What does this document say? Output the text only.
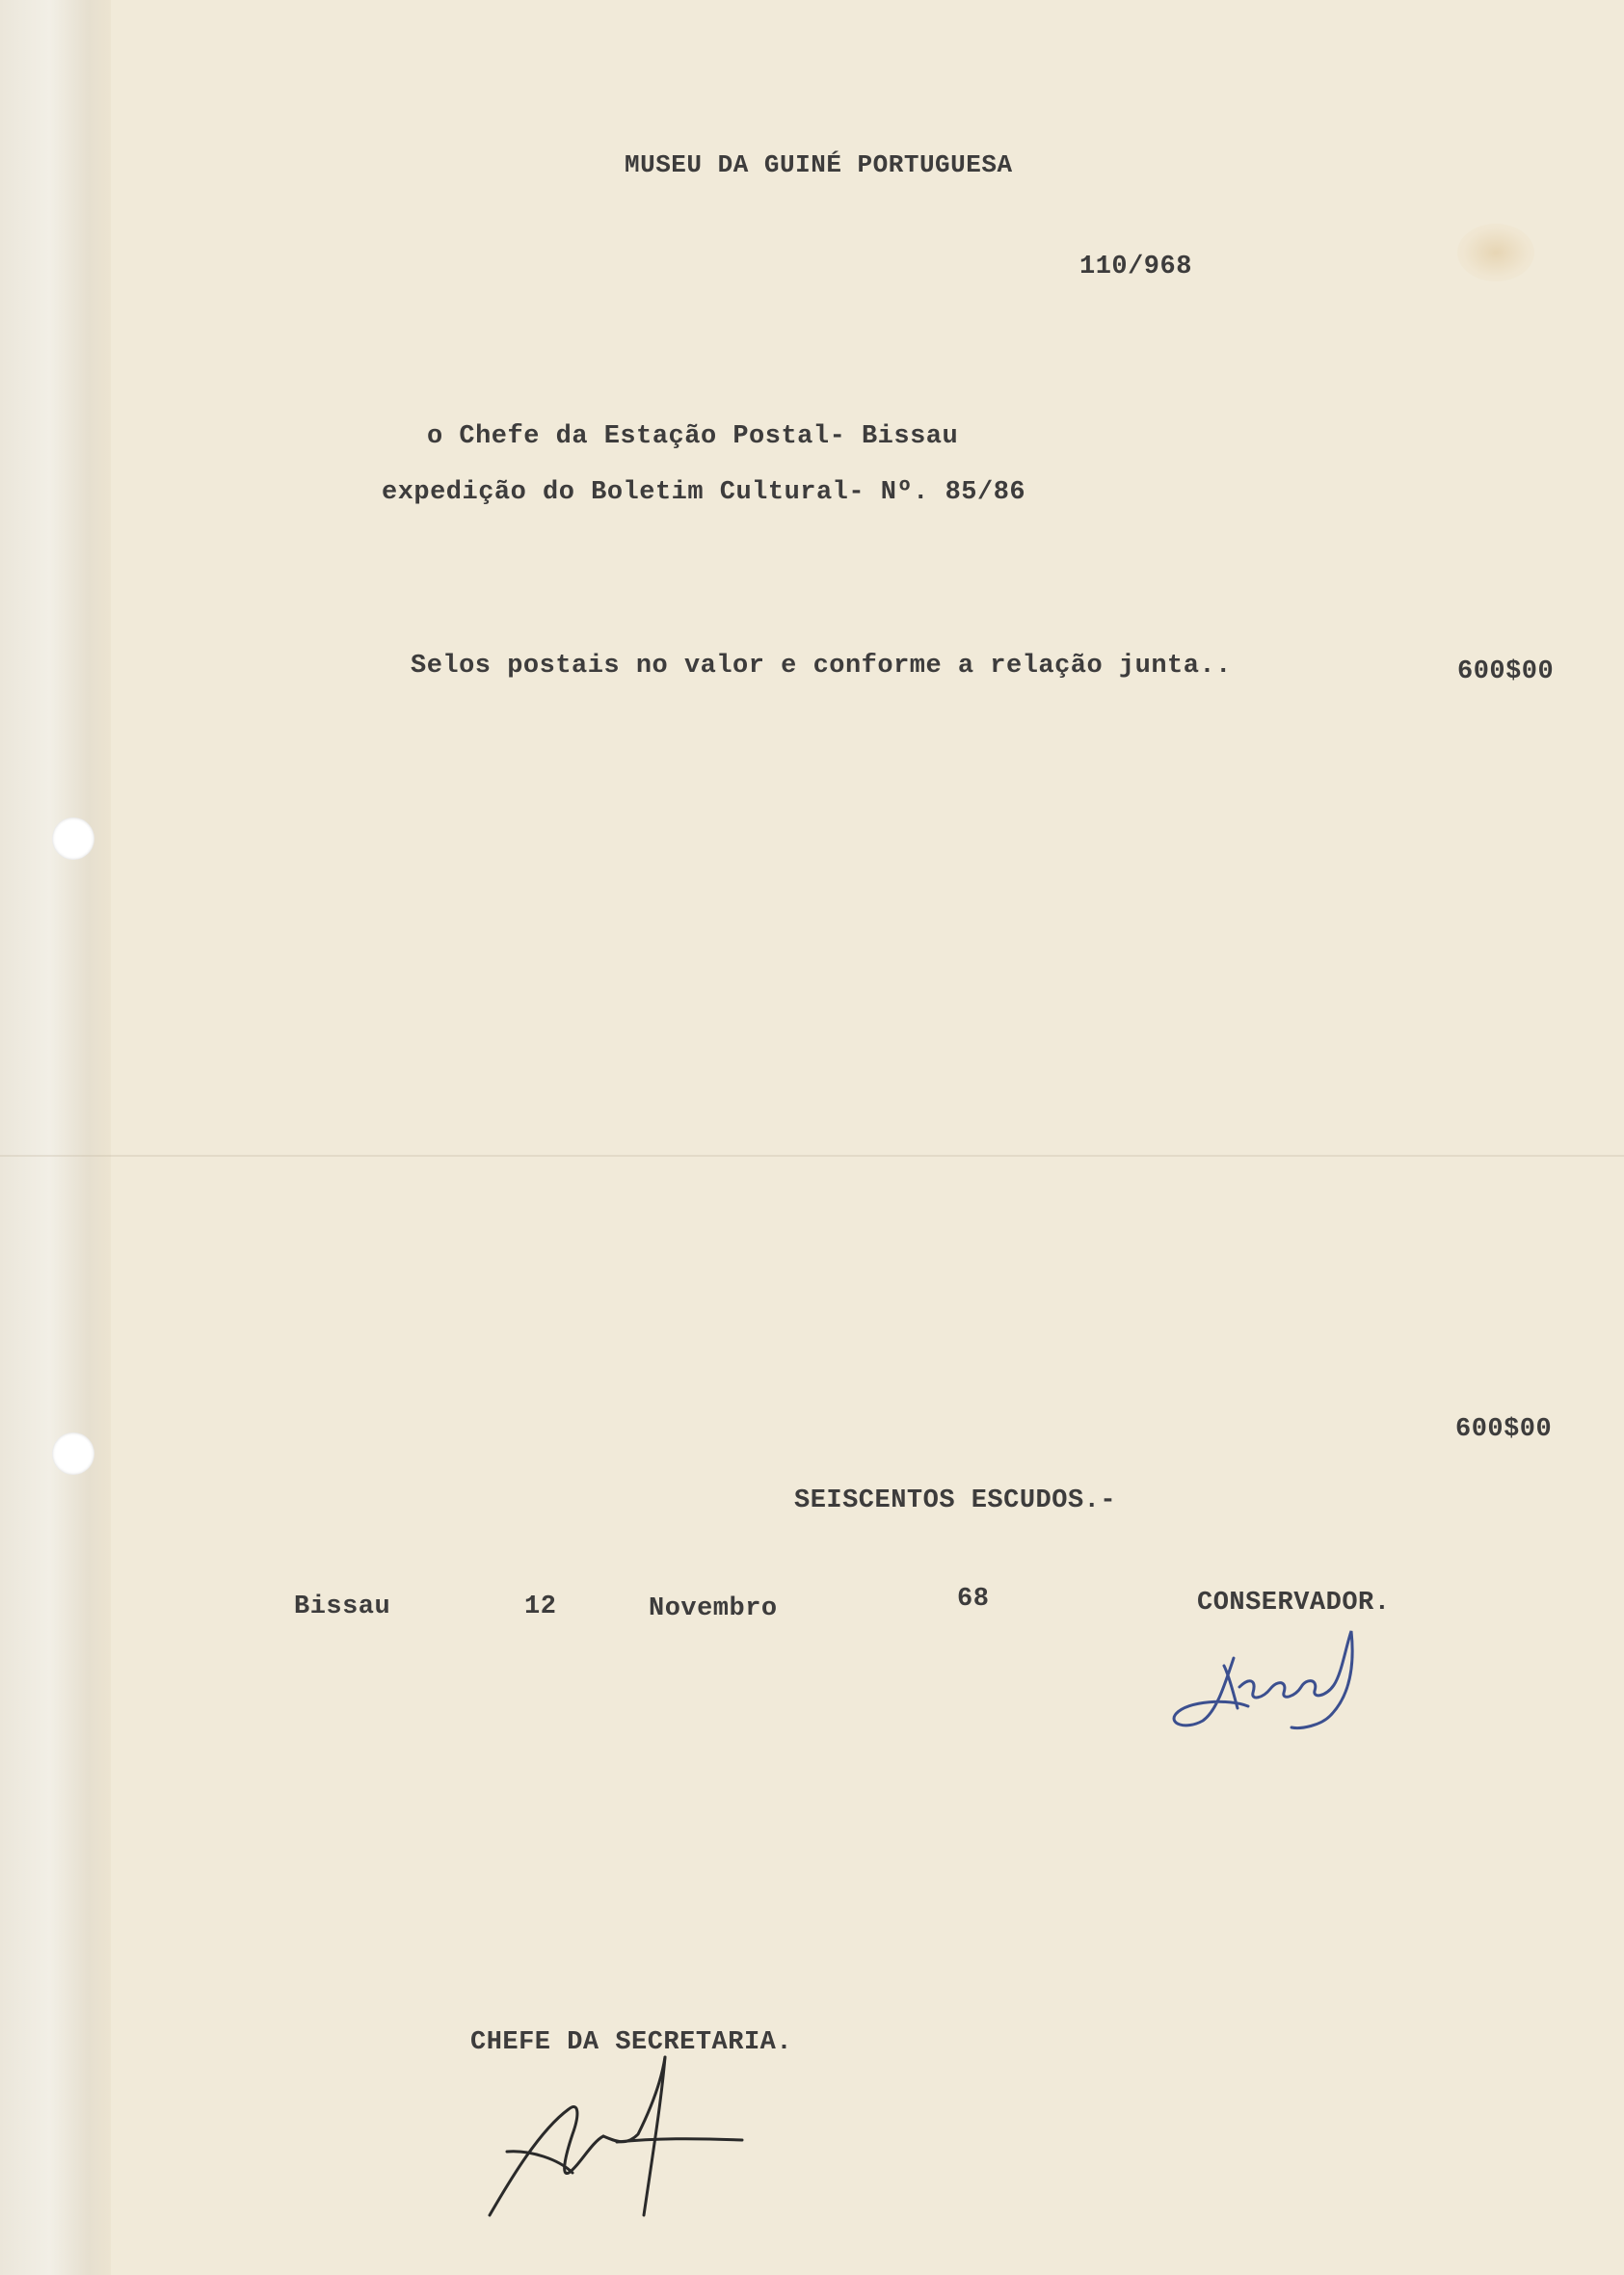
MUSEU DA GUINÉ PORTUGUESA
110/968
o Chefe da Estação Postal- Bissau
expedição do Boletim Cultural- Nº. 85/86
Selos postais no valor e conforme a relação junta..	600$00
600$00
SEISCENTOS ESCUDOS.-
Bissau	12	Novembro	68	CONSERVADOR.
CHEFE DA SECRETARIA.
